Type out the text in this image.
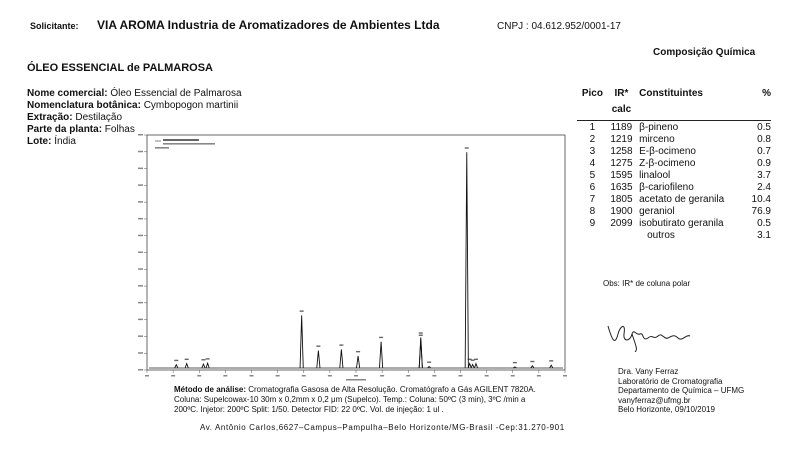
Solicitante: VIA AROMA Industria de Aromatizadores de Ambientes Ltda	CNPJ : 04.612.952/0001-17
Composição Química
ÓLEO ESSENCIAL de PALMAROSA
Nome comercial: Óleo Essencial de Palmarosa
Nomenclatura botânica: Cymbopogon martinii
Extração: Destilação
Parte da planta: Folhas
Lote: Índia
Pico	IR*	Constituintes	%
	calc		

1	1189	β-pineno	0.5
2	1219	mirceno	0.8
3	1258	E-β-ocimeno	0.7
4	1275	Z-β-ocimeno	0.9
5	1595	linalool	3.7
6	1635	β-cariofileno	2.4
7	1805	acetato de geranila	10.4
8	1900	geraniol	76.9
9	2099	isobutirato geranila	0.5
		outros	3.1
Obs: IR* de coluna polar
Dra. Vany Ferraz
Laboratório de Cromatografia
Departamento de Química – UFMG
vanyferraz@ufmg.br
Belo Horizonte, 09/10/2019
Método de análise: Cromatografia Gasosa de Alta Resolução. Cromatógrafo a Gás AGILENT 7820A.
Coluna: Supelcowax-10 30m x 0,2mm x 0,2 μm (Supelco). Temp.: Coluna: 50ºC (3 min), 3ºC /min a
200ºC. Injetor: 200ºC Split: 1/50. Detector FID: 22 0ºC. Vol. de injeção: 1 ul .
Av. Antônio Carlos,6627–Campus–Pampulha–Belo Horizonte/MG-Brasil -Cep:31.270-901
